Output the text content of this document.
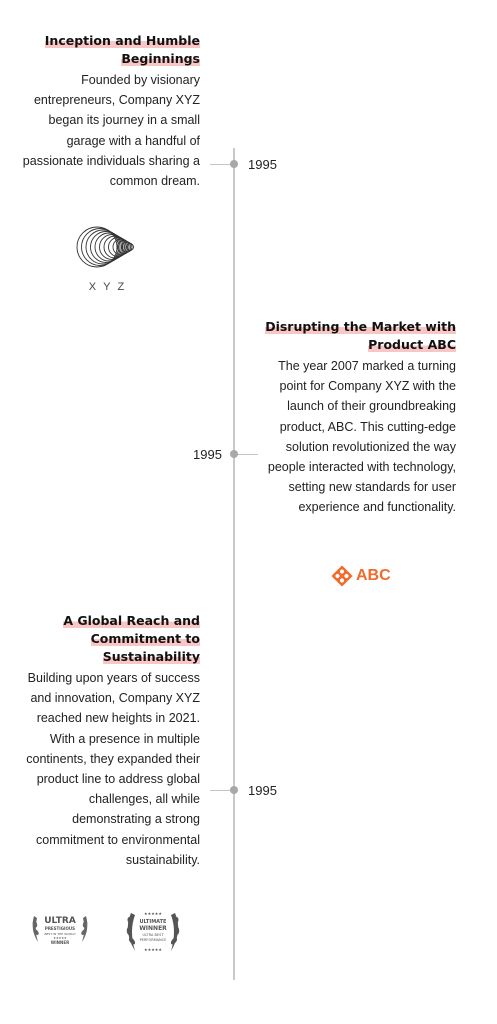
Inception and Humble Beginnings

Founded by visionary entrepreneurs, Company XYZ began its journey in a small garage with a handful of passionate individuals sharing a common dream.

1995
XYZ
Disrupting the Market with Product ABC

The year 2007 marked a turning point for Company XYZ with the launch of their groundbreaking product, ABC. This cutting-edge solution revolutionized the way people interacted with technology, setting new standards for user experience and functionality.

1995
ABC
A Global Reach and Commitment to Sustainability

Building upon years of success and innovation, Company XYZ reached new heights in 2021. With a presence in multiple continents, they expanded their product line to address global challenges, all while demonstrating a strong commitment to environmental sustainability.

1995
ULTRA
PRESTIGIOUS
BEST IN THE WORLD
★★★★★
WINNER
★★★★★
ULTIMATE
WINNER
ULTRA BEST
PERFORMANCE
★★★★★
